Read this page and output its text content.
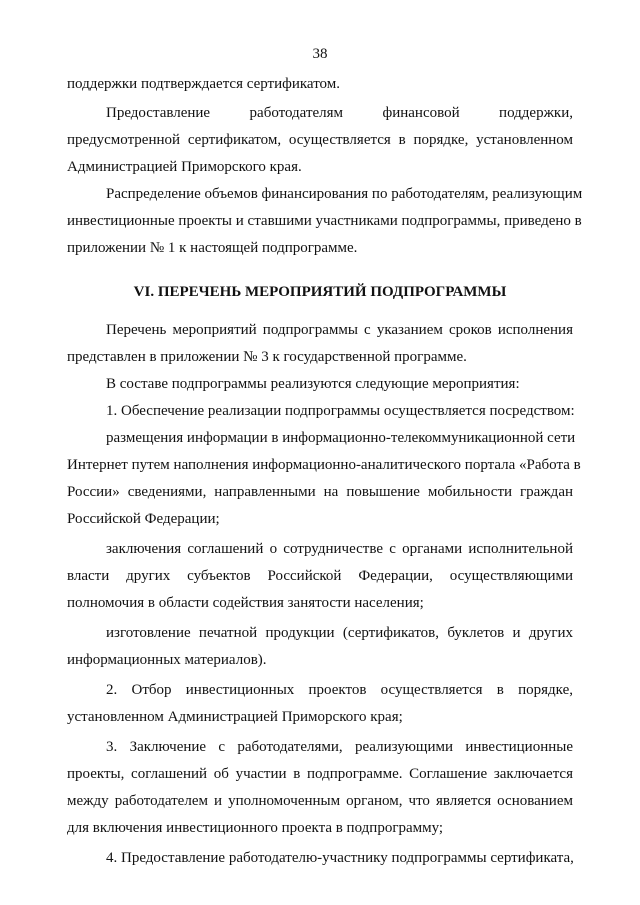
38
поддержки подтверждается сертификатом.
Предоставление работодателям финансовой поддержки,
предусмотренной сертификатом, осуществляется в порядке, установленном
Администрацией Приморского края.
Распределение объемов финансирования по работодателям, реализующим
инвестиционные проекты и ставшими участниками подпрограммы, приведено в
приложении № 1 к настоящей подпрограмме.
VI. ПЕРЕЧЕНЬ МЕРОПРИЯТИЙ ПОДПРОГРАММЫ
Перечень мероприятий подпрограммы с указанием сроков исполнения
представлен в приложении № 3 к государственной программе.
В составе подпрограммы реализуются следующие мероприятия:
1. Обеспечение реализации подпрограммы осуществляется посредством:
размещения информации в информационно-телекоммуникационной сети
Интернет путем наполнения информационно-аналитического портала «Работа в
России» сведениями, направленными на повышение мобильности граждан
Российской Федерации;
заключения соглашений о сотрудничестве с органами исполнительной
власти других субъектов Российской Федерации, осуществляющими
полномочия в области содействия занятости населения;
изготовление печатной продукции (сертификатов, буклетов и других
информационных материалов).
2. Отбор инвестиционных проектов осуществляется в порядке,
установленном Администрацией Приморского края;
3. Заключение с работодателями, реализующими инвестиционные
проекты, соглашений об участии в подпрограмме. Соглашение заключается
между работодателем и уполномоченным органом, что является основанием
для включения инвестиционного проекта в подпрограмму;
4. Предоставление работодателю-участнику подпрограммы сертификата,
